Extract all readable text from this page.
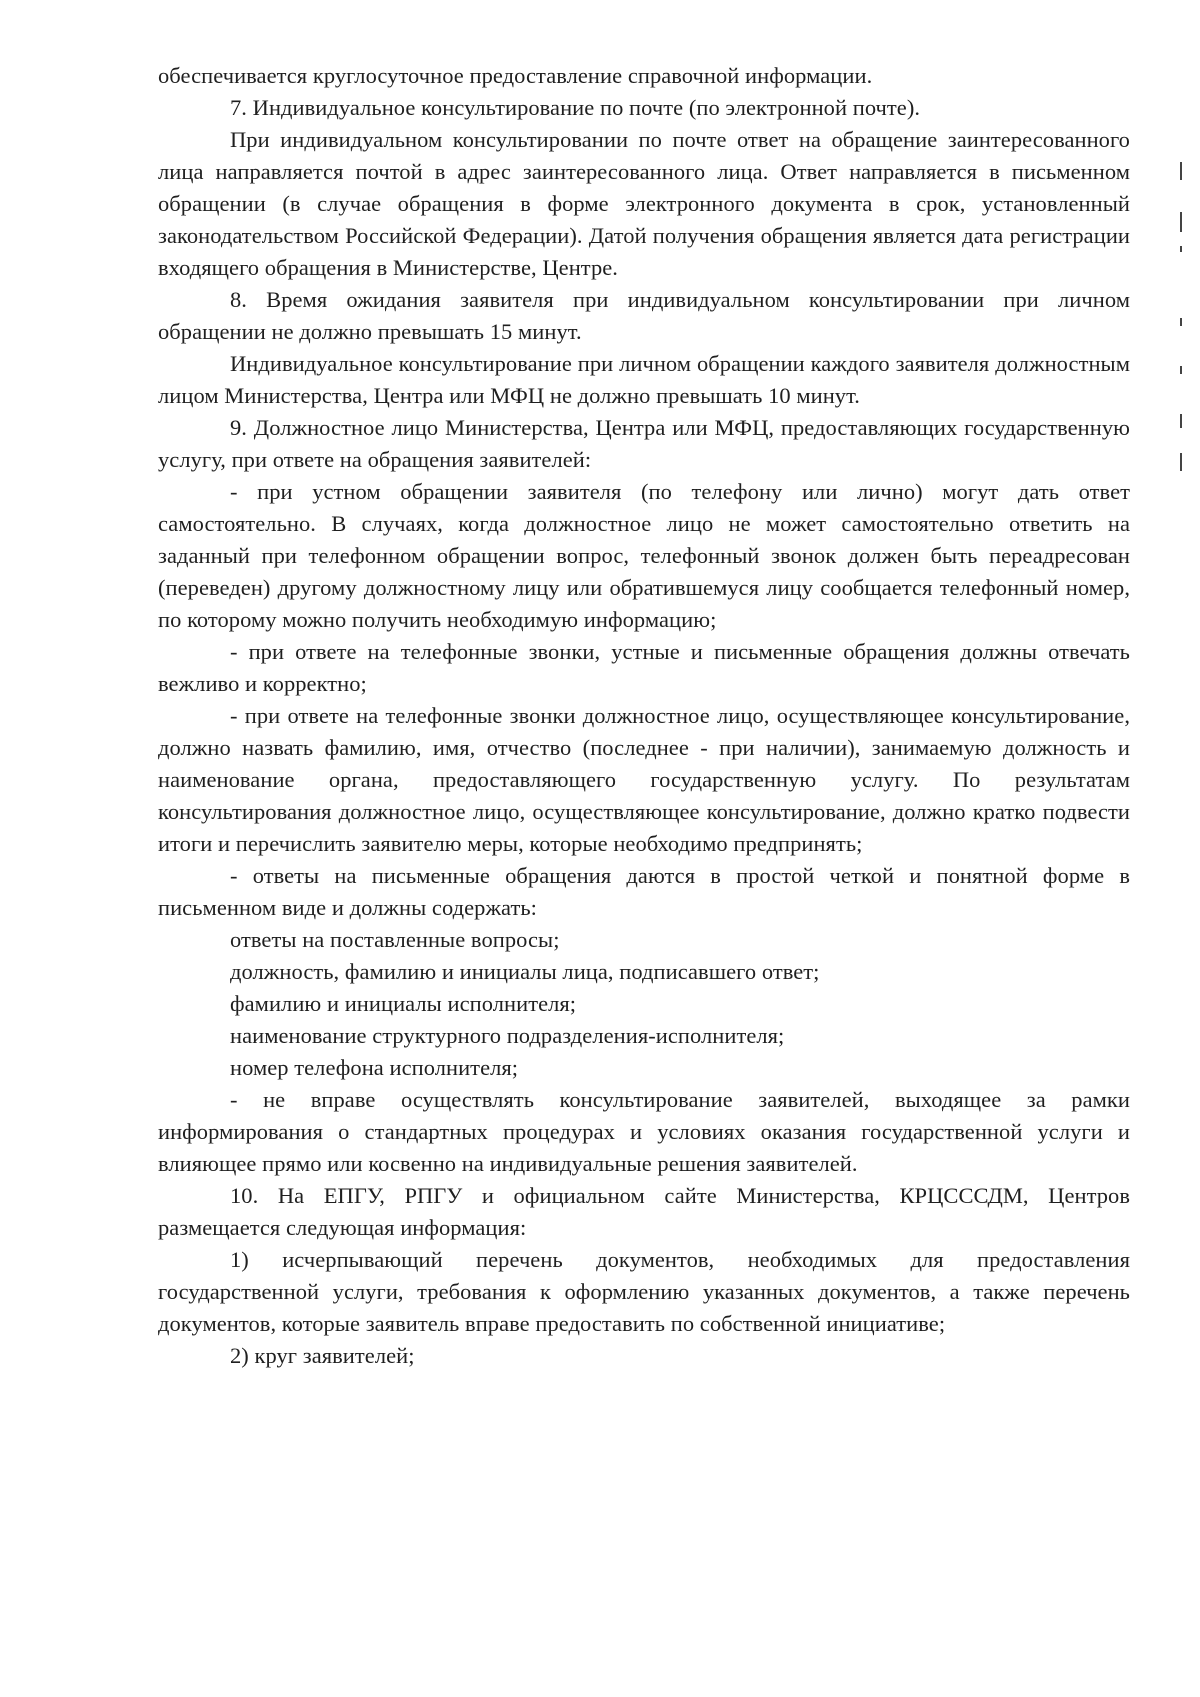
обеспечивается круглосуточное предоставление справочной информации.

7. Индивидуальное консультирование по почте (по электронной почте).

При индивидуальном консультировании по почте ответ на обращение заинтересованного лица направляется почтой в адрес заинтересованного лица. Ответ направляется в письменном обращении (в случае обращения в форме электронного документа в срок, установленный законодательством Российской Федерации). Датой получения обращения является дата регистрации входящего обращения в Министерстве, Центре.

8. Время ожидания заявителя при индивидуальном консультировании при личном обращении не должно превышать 15 минут.

Индивидуальное консультирование при личном обращении каждого заявителя должностным лицом Министерства, Центра или МФЦ не должно превышать 10 минут.

9. Должностное лицо Министерства, Центра или МФЦ, предоставляющих государственную услугу, при ответе на обращения заявителей:

- при устном обращении заявителя (по телефону или лично) могут дать ответ самостоятельно. В случаях, когда должностное лицо не может самостоятельно ответить на заданный при телефонном обращении вопрос, телефонный звонок должен быть переадресован (переведен) другому должностному лицу или обратившемуся лицу сообщается телефонный номер, по которому можно получить необходимую информацию;

- при ответе на телефонные звонки, устные и письменные обращения должны отвечать вежливо и корректно;

- при ответе на телефонные звонки должностное лицо, осуществляющее консультирование, должно назвать фамилию, имя, отчество (последнее - при наличии), занимаемую должность и наименование органа, предоставляющего государственную услугу. По результатам консультирования должностное лицо, осуществляющее консультирование, должно кратко подвести итоги и перечислить заявителю меры, которые необходимо предпринять;

- ответы на письменные обращения даются в простой четкой и понятной форме в письменном виде и должны содержать:

ответы на поставленные вопросы;

должность, фамилию и инициалы лица, подписавшего ответ;

фамилию и инициалы исполнителя;

наименование структурного подразделения-исполнителя;

номер телефона исполнителя;

- не вправе осуществлять консультирование заявителей, выходящее за рамки информирования о стандартных процедурах и условиях оказания государственной услуги и влияющее прямо или косвенно на индивидуальные решения заявителей.

10. На ЕПГУ, РПГУ и официальном сайте Министерства, КРЦСССДМ, Центров размещается следующая информация:

1) исчерпывающий перечень документов, необходимых для предоставления государственной услуги, требования к оформлению указанных документов, а также перечень документов, которые заявитель вправе предоставить по собственной инициативе;

2) круг заявителей;
